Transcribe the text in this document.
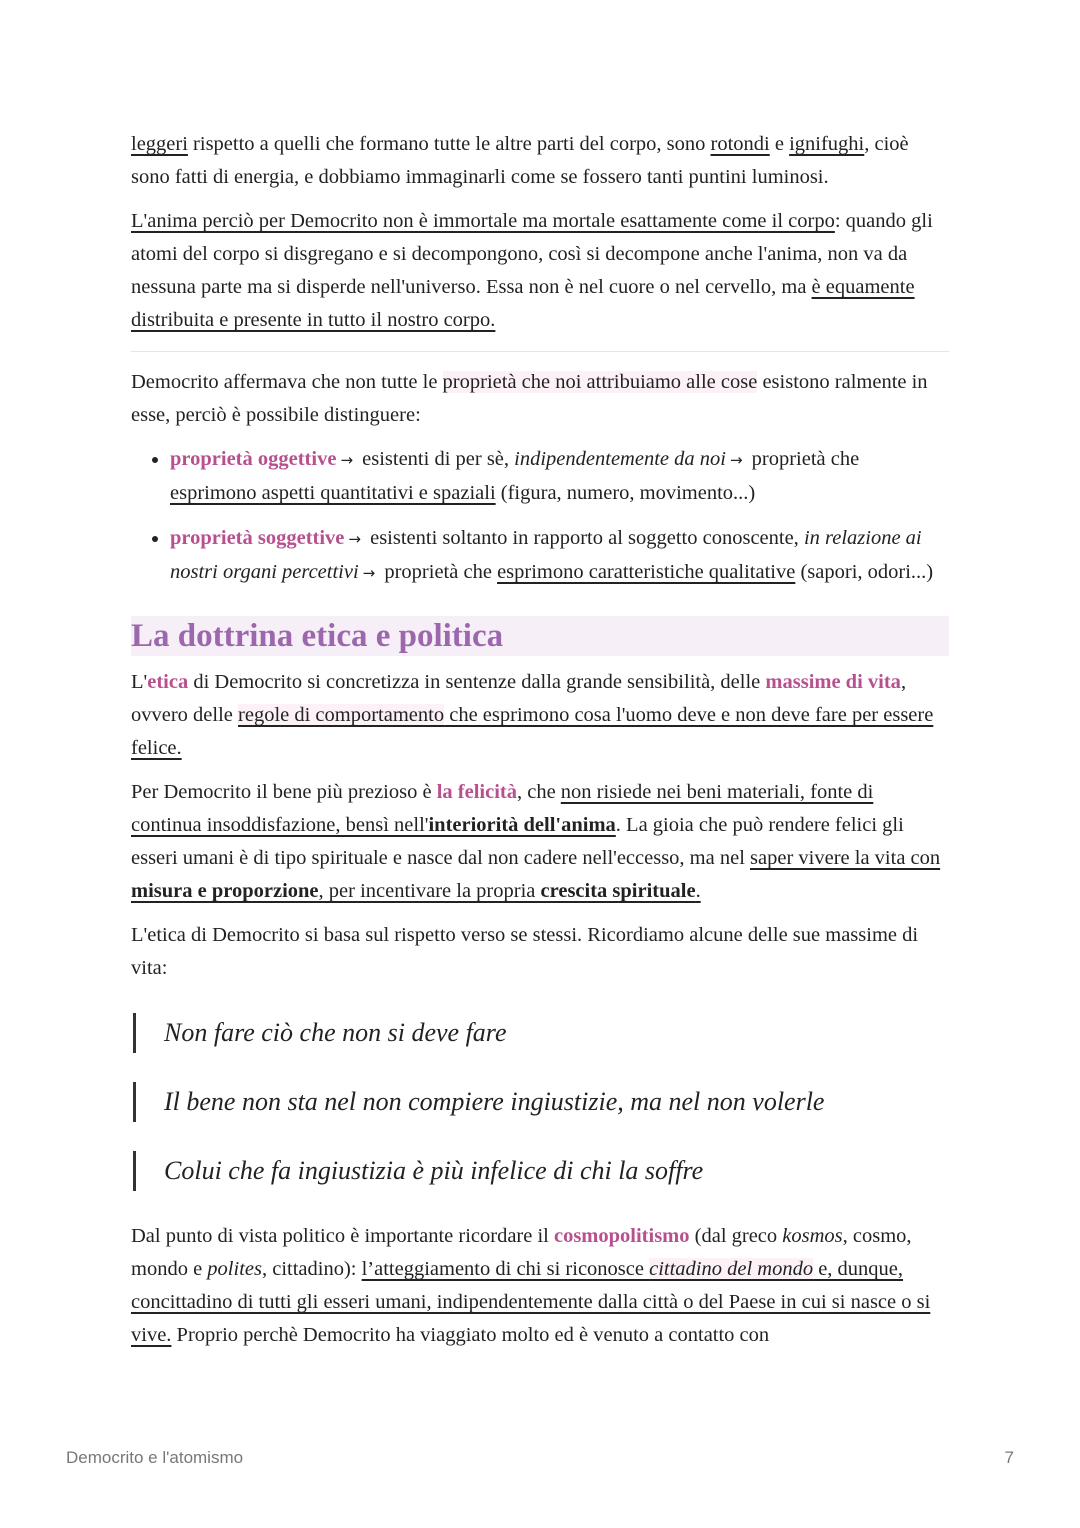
leggeri rispetto a quelli che formano tutte le altre parti del corpo, sono rotondi e ignifughi, cioè sono fatti di energia, e dobbiamo immaginarli come se fossero tanti puntini luminosi.

L'anima perciò per Democrito non è immortale ma mortale esattamente come il corpo: quando gli atomi del corpo si disgregano e si decompongono, così si decompone anche l'anima, non va da nessuna parte ma si disperde nell'universo. Essa non è nel cuore o nel cervello, ma è equamente distribuita e presente in tutto il nostro corpo.

Democrito affermava che non tutte le proprietà che noi attribuiamo alle cose esistono ralmente in esse, perciò è possibile distinguere:

• proprietà oggettive → esistenti di per sè, indipendentemente da noi → proprietà che esprimono aspetti quantitativi e spaziali (figura, numero, movimento...)
• proprietà soggettive → esistenti soltanto in rapporto al soggetto conoscente, in relazione ai nostri organi percettivi → proprietà che esprimono caratteristiche qualitative (sapori, odori...)
La dottrina etica e politica

L'etica di Democrito si concretizza in sentenze dalla grande sensibilità, delle massime di vita, ovvero delle regole di comportamento che esprimono cosa l'uomo deve e non deve fare per essere felice.

Per Democrito il bene più prezioso è la felicità, che non risiede nei beni materiali, fonte di continua insoddisfazione, bensì nell'interiorità dell'anima. La gioia che può rendere felici gli esseri umani è di tipo spirituale e nasce dal non cadere nell'eccesso, ma nel saper vivere la vita con misura e proporzione, per incentivare la propria crescita spirituale.

L'etica di Democrito si basa sul rispetto verso se stessi. Ricordiamo alcune delle sue massime di vita:

Non fare ciò che non si deve fare
Il bene non sta nel non compiere ingiustizie, ma nel non volerle
Colui che fa ingiustizia è più infelice di chi la soffre

Dal punto di vista politico è importante ricordare il cosmopolitismo (dal greco kosmos, cosmo, mondo e polites, cittadino): l’atteggiamento di chi si riconosce cittadino del mondo e, dunque, concittadino di tutti gli esseri umani, indipendentemente dalla città o del Paese in cui si nasce o si vive. Proprio perchè Democrito ha viaggiato molto ed è venuto a contatto con

Democrito e l'atomismo	7
